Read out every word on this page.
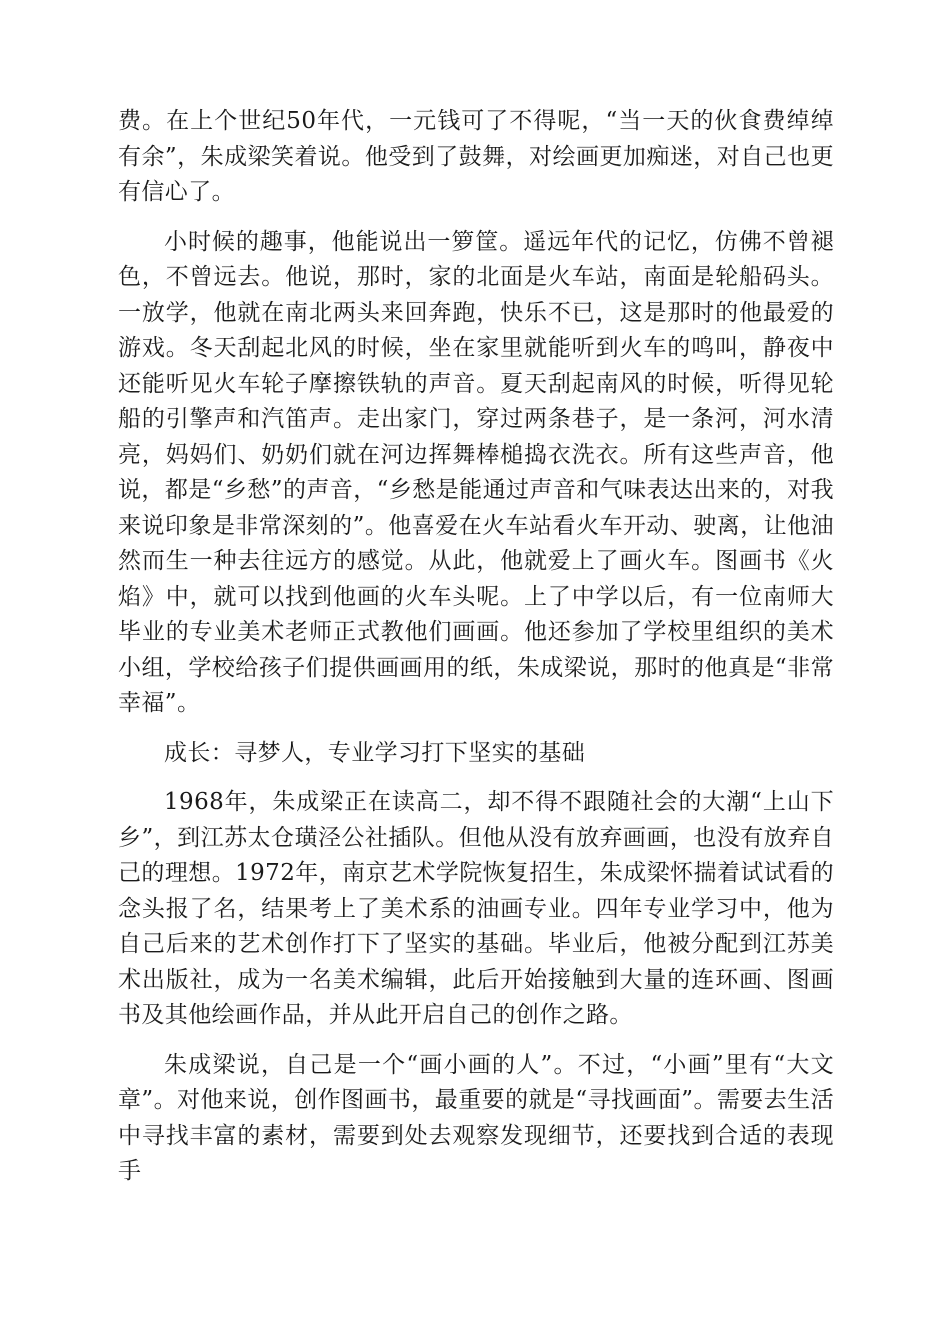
费。在上个世纪50年代，一元钱可了不得呢，“当一天的伙食费绰绰有余”，朱成梁笑着说。他受到了鼓舞，对绘画更加痴迷，对自己也更有信心了。

小时候的趣事，他能说出一箩筐。遥远年代的记忆，仿佛不曾褪色，不曾远去。他说，那时，家的北面是火车站，南面是轮船码头。一放学，他就在南北两头来回奔跑，快乐不已，这是那时的他最爱的游戏。冬天刮起北风的时候，坐在家里就能听到火车的鸣叫，静夜中还能听见火车轮子摩擦铁轨的声音。夏天刮起南风的时候，听得见轮船的引擎声和汽笛声。走出家门，穿过两条巷子，是一条河，河水清亮，妈妈们、奶奶们就在河边挥舞棒槌捣衣洗衣。所有这些声音，他说，都是“乡愁”的声音，“乡愁是能通过声音和气味表达出来的，对我来说印象是非常深刻的”。他喜爱在火车站看火车开动、驶离，让他油然而生一种去往远方的感觉。从此，他就爱上了画火车。图画书《火焰》中，就可以找到他画的火车头呢。上了中学以后，有一位南师大毕业的专业美术老师正式教他们画画。他还参加了学校里组织的美术小组，学校给孩子们提供画画用的纸，朱成梁说，那时的他真是“非常幸福”。

成长：寻梦人，专业学习打下坚实的基础

1968年，朱成梁正在读高二，却不得不跟随社会的大潮“上山下乡”，到江苏太仓璜泾公社插队。但他从没有放弃画画，也没有放弃自己的理想。1972年，南京艺术学院恢复招生，朱成梁怀揣着试试看的念头报了名，结果考上了美术系的油画专业。四年专业学习中，他为自己后来的艺术创作打下了坚实的基础。毕业后，他被分配到江苏美术出版社，成为一名美术编辑，此后开始接触到大量的连环画、图画书及其他绘画作品，并从此开启自己的创作之路。

朱成梁说，自己是一个“画小画的人”。不过，“小画”里有“大文章”。对他来说，创作图画书，最重要的就是“寻找画面”。需要去生活中寻找丰富的素材，需要到处去观察发现细节，还要找到合适的表现手
